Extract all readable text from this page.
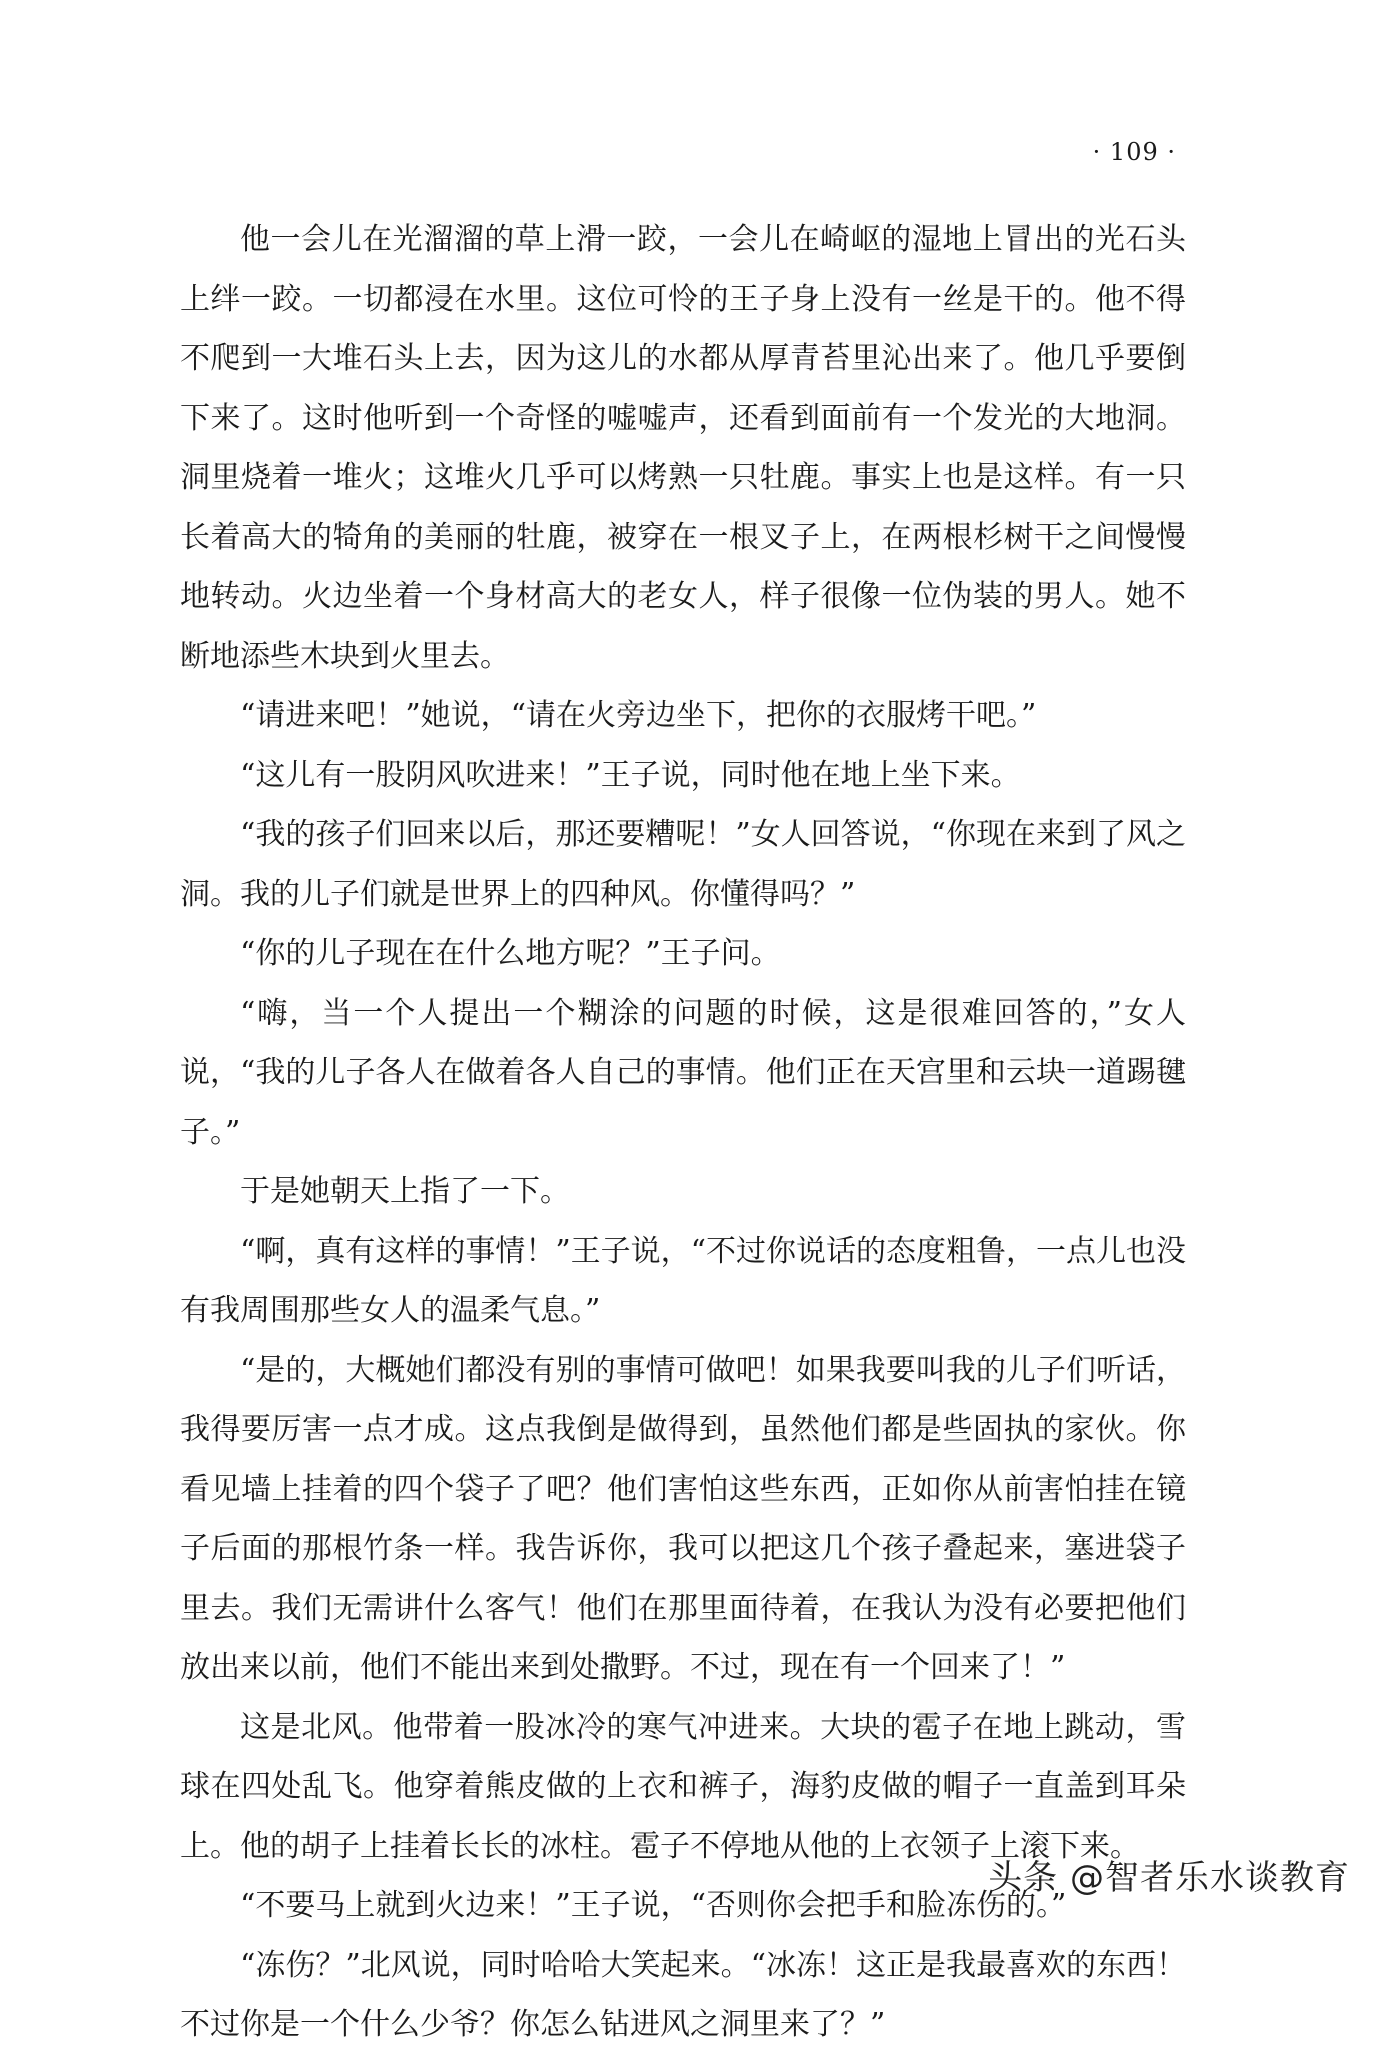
· 109 ·

他一会儿在光溜溜的草上滑一跤，一会儿在崎岖的湿地上冒出的光石头上绊一跤。一切都浸在水里。这位可怜的王子身上没有一丝是干的。他不得不爬到一大堆石头上去，因为这儿的水都从厚青苔里沁出来了。他几乎要倒下来了。这时他听到一个奇怪的嘘嘘声，还看到面前有一个发光的大地洞。洞里烧着一堆火；这堆火几乎可以烤熟一只牡鹿。事实上也是这样。有一只长着高大的犄角的美丽的牡鹿，被穿在一根叉子上，在两根杉树干之间慢慢地转动。火边坐着一个身材高大的老女人，样子很像一位伪装的男人。她不断地添些木块到火里去。

“请进来吧！”她说，“请在火旁边坐下，把你的衣服烤干吧。”

“这儿有一股阴风吹进来！”王子说，同时他在地上坐下来。

“我的孩子们回来以后，那还要糟呢！”女人回答说，“你现在来到了风之洞。我的儿子们就是世界上的四种风。你懂得吗？”

“你的儿子现在在什么地方呢？”王子问。

“嗨，当一个人提出一个糊涂的问题的时候，这是很难回答的，”女人说，“我的儿子各人在做着各人自己的事情。他们正在天宫里和云块一道踢毽子。”

于是她朝天上指了一下。

“啊，真有这样的事情！”王子说，“不过你说话的态度粗鲁，一点儿也没有我周围那些女人的温柔气息。”

“是的，大概她们都没有别的事情可做吧！如果我要叫我的儿子们听话，我得要厉害一点才成。这点我倒是做得到，虽然他们都是些固执的家伙。你看见墙上挂着的四个袋子了吧？他们害怕这些东西，正如你从前害怕挂在镜子后面的那根竹条一样。我告诉你，我可以把这几个孩子叠起来，塞进袋子里去。我们无需讲什么客气！他们在那里面待着，在我认为没有必要把他们放出来以前，他们不能出来到处撒野。不过，现在有一个回来了！”

这是北风。他带着一股冰冷的寒气冲进来。大块的雹子在地上跳动，雪球在四处乱飞。他穿着熊皮做的上衣和裤子，海豹皮做的帽子一直盖到耳朵上。他的胡子上挂着长长的冰柱。雹子不停地从他的上衣领子上滚下来。

“不要马上就到火边来！”王子说，“否则你会把手和脸冻伤的。”

“冻伤？”北风说，同时哈哈大笑起来。“冰冻！这正是我最喜欢的东西！不过你是一个什么少爷？你怎么钻进风之洞里来了？”

头条 @智者乐水谈教育
